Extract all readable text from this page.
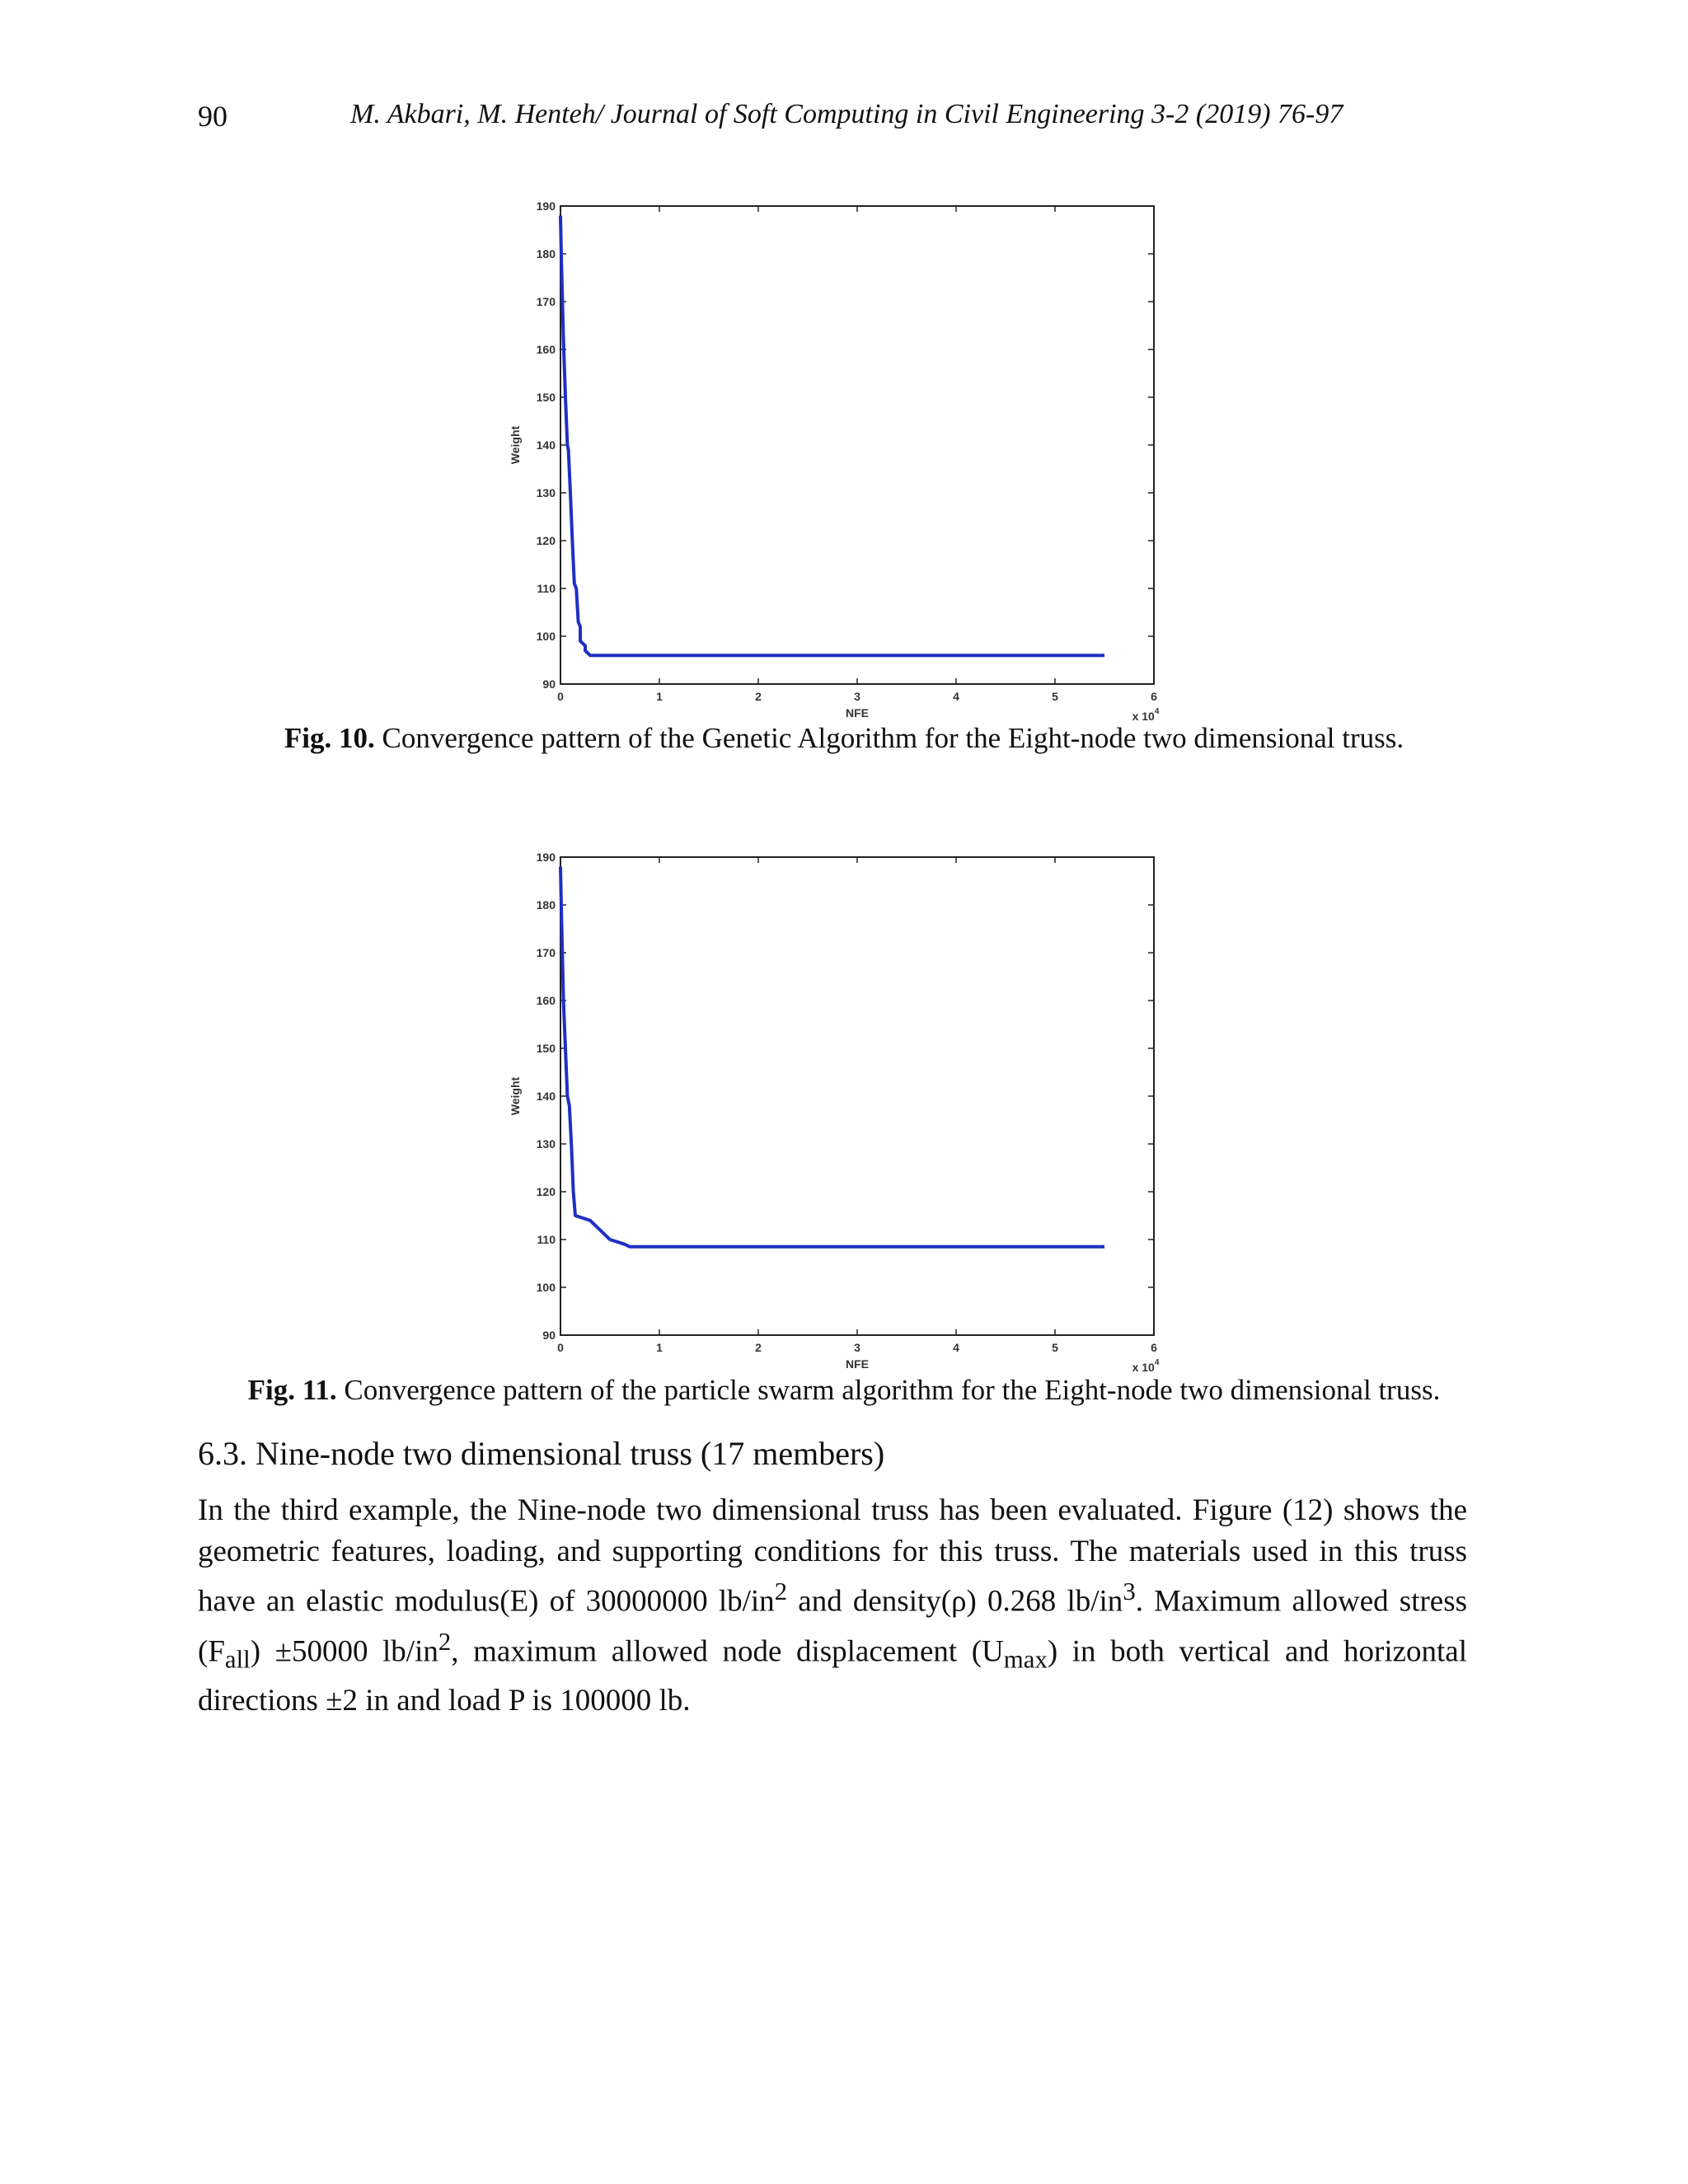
90	M. Akbari, M. Henteh/ Journal of Soft Computing in Civil Engineering 3-2 (2019) 76-97
0	1	2	3	4	5	6
90
100
110
120
130
140
150
160
170
180
190
NFE
Weight
x $10^4$
Fig. 10. Convergence pattern of the Genetic Algorithm for the Eight-node two dimensional truss.
0	1	2	3	4	5	6
90
100
110
120
130
140
150
160
170
180
190
NFE
Weight
x $10^4$
Fig. 11. Convergence pattern of the particle swarm algorithm for the Eight-node two dimensional truss.
6.3. Nine-node two dimensional truss (17 members)
In the third example, the Nine-node two dimensional truss has been evaluated. Figure (12) shows the geometric features, loading, and supporting conditions for this truss. The materials used in this truss have an elastic modulus(E) of 30000000 $lb/in^2$ and density(ρ) 0.268 $lb/in^3$. Maximum allowed stress $(F_{all}) \pm 50000$ $lb/in^2$, maximum allowed node displacement $(U_{max})$ in both vertical and horizontal directions ±2 in and load P is 100000 lb.
